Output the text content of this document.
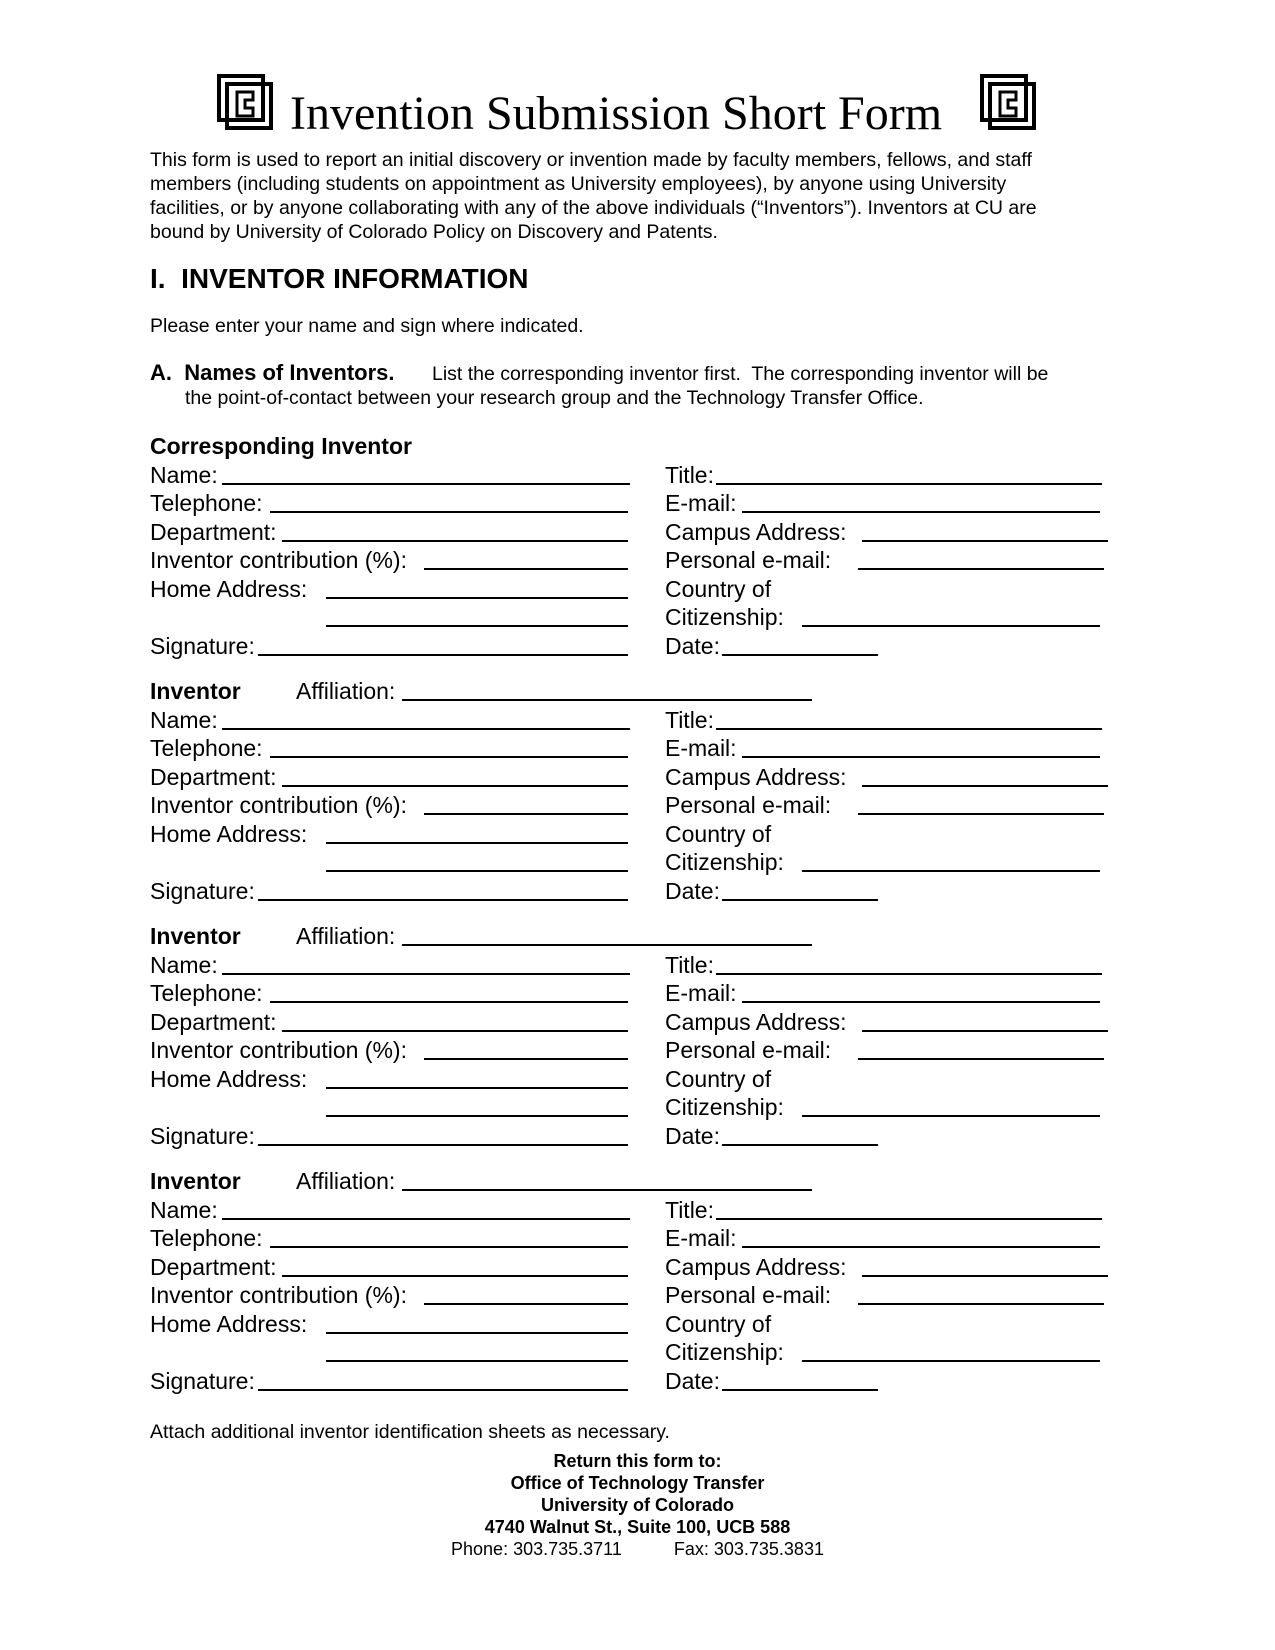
Invention Submission Short Form
This form is used to report an initial discovery or invention made by faculty members, fellows, and staff
members (including students on appointment as University employees), by anyone using University
facilities, or by anyone collaborating with any of the above individuals (“Inventors”). Inventors at CU are
bound by University of Colorado Policy on Discovery and Patents.
I.  INVENTOR INFORMATION
Please enter your name and sign where indicated.
A.  Names of Inventors. List the corresponding inventor first.  The corresponding inventor will be
the point-of-contact between your research group and the Technology Transfer Office.
Corresponding Inventor
Name:
Telephone:
Department:
Inventor contribution (%):
Home Address:
Signature:
Title:
E-mail:
Campus Address:
Personal e-mail:
Country of
Citizenship:
Date:
Inventor Affiliation:
Name:
Telephone:
Department:
Inventor contribution (%):
Home Address:
Signature:
Title:
E-mail:
Campus Address:
Personal e-mail:
Country of
Citizenship:
Date:
Inventor Affiliation:
Name:
Telephone:
Department:
Inventor contribution (%):
Home Address:
Signature:
Title:
E-mail:
Campus Address:
Personal e-mail:
Country of
Citizenship:
Date:
Inventor Affiliation:
Name:
Telephone:
Department:
Inventor contribution (%):
Home Address:
Signature:
Title:
E-mail:
Campus Address:
Personal e-mail:
Country of
Citizenship:
Date:
Attach additional inventor identification sheets as necessary.
Return this form to:
Office of Technology Transfer
University of Colorado
4740 Walnut St., Suite 100, UCB 588
Phone: 303.735.3711	Fax: 303.735.3831
